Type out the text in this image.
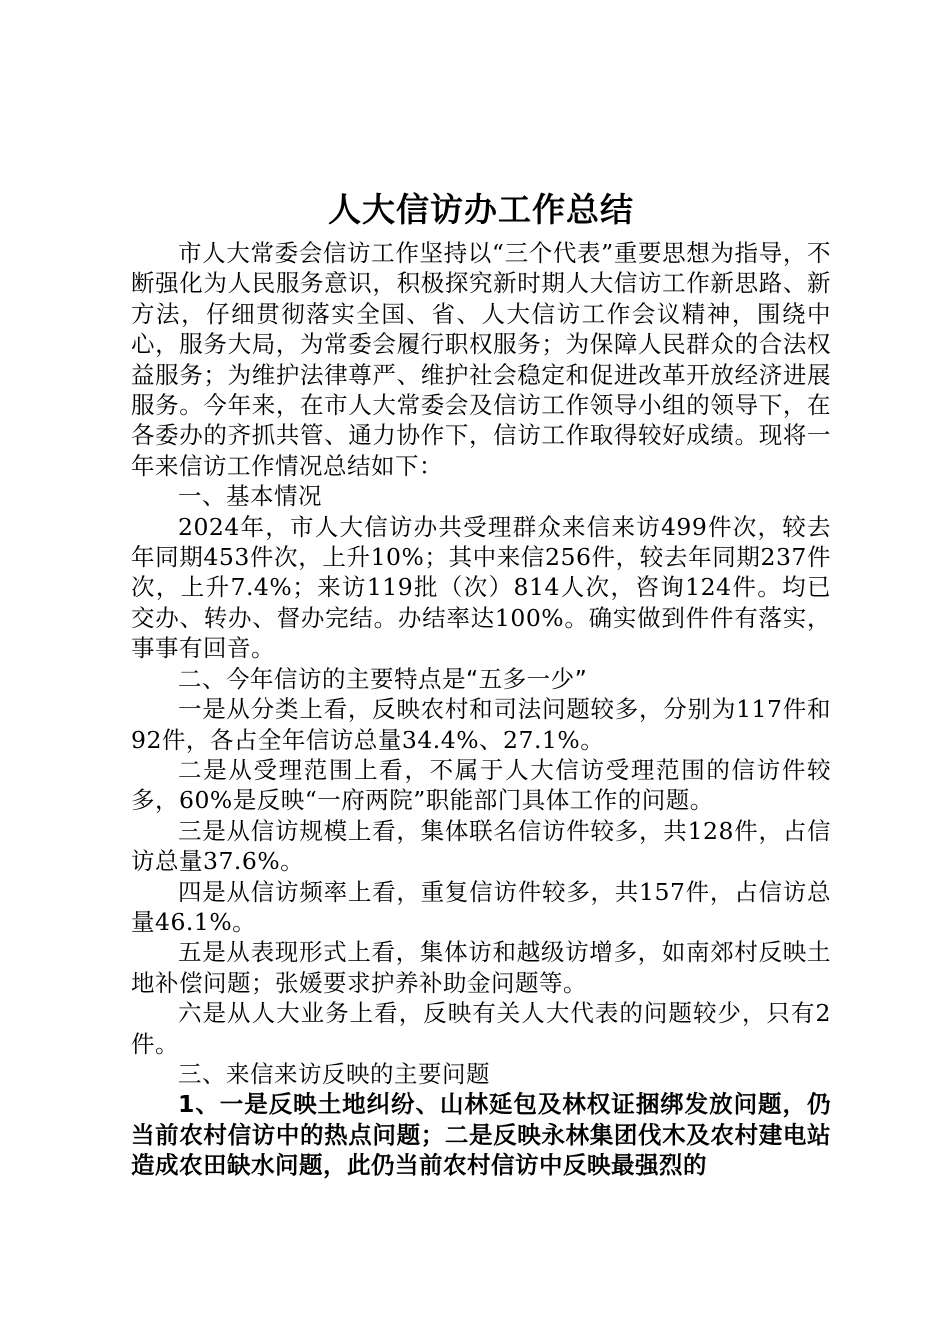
人大信访办工作总结

市人大常委会信访工作坚持以“三个代表”重要思想为指导，不断强化为人民服务意识，积极探究新时期人大信访工作新思路、新方法，仔细贯彻落实全国、省、人大信访工作会议精神，围绕中心，服务大局，为常委会履行职权服务；为保障人民群众的合法权益服务；为维护法律尊严、维护社会稳定和促进改革开放经济进展服务。今年来，在市人大常委会及信访工作领导小组的领导下，在各委办的齐抓共管、通力协作下，信访工作取得较好成绩。现将一年来信访工作情况总结如下：

一、基本情况

2024年，市人大信访办共受理群众来信来访499件次，较去年同期453件次，上升10%；其中来信256件，较去年同期237件次，上升7.4%；来访119批（次）814人次，咨询124件。均已交办、转办、督办完结。办结率达100%。确实做到件件有落实，事事有回音。

二、今年信访的主要特点是“五多一少”

一是从分类上看，反映农村和司法问题较多，分别为117件和92件，各占全年信访总量34.4%、27.1%。

二是从受理范围上看，不属于人大信访受理范围的信访件较多，60%是反映“一府两院”职能部门具体工作的问题。

三是从信访规模上看，集体联名信访件较多，共128件，占信访总量37.6%。

四是从信访频率上看，重复信访件较多，共157件，占信访总量46.1%。

五是从表现形式上看，集体访和越级访增多，如南郊村反映土地补偿问题；张媛要求护养补助金问题等。

六是从人大业务上看，反映有关人大代表的问题较少，只有2件。

三、来信来访反映的主要问题

1、一是反映土地纠纷、山林延包及林权证捆绑发放问题，仍当前农村信访中的热点问题；二是反映永林集团伐木及农村建电站造成农田缺水问题，此仍当前农村信访中反映最强烈的
